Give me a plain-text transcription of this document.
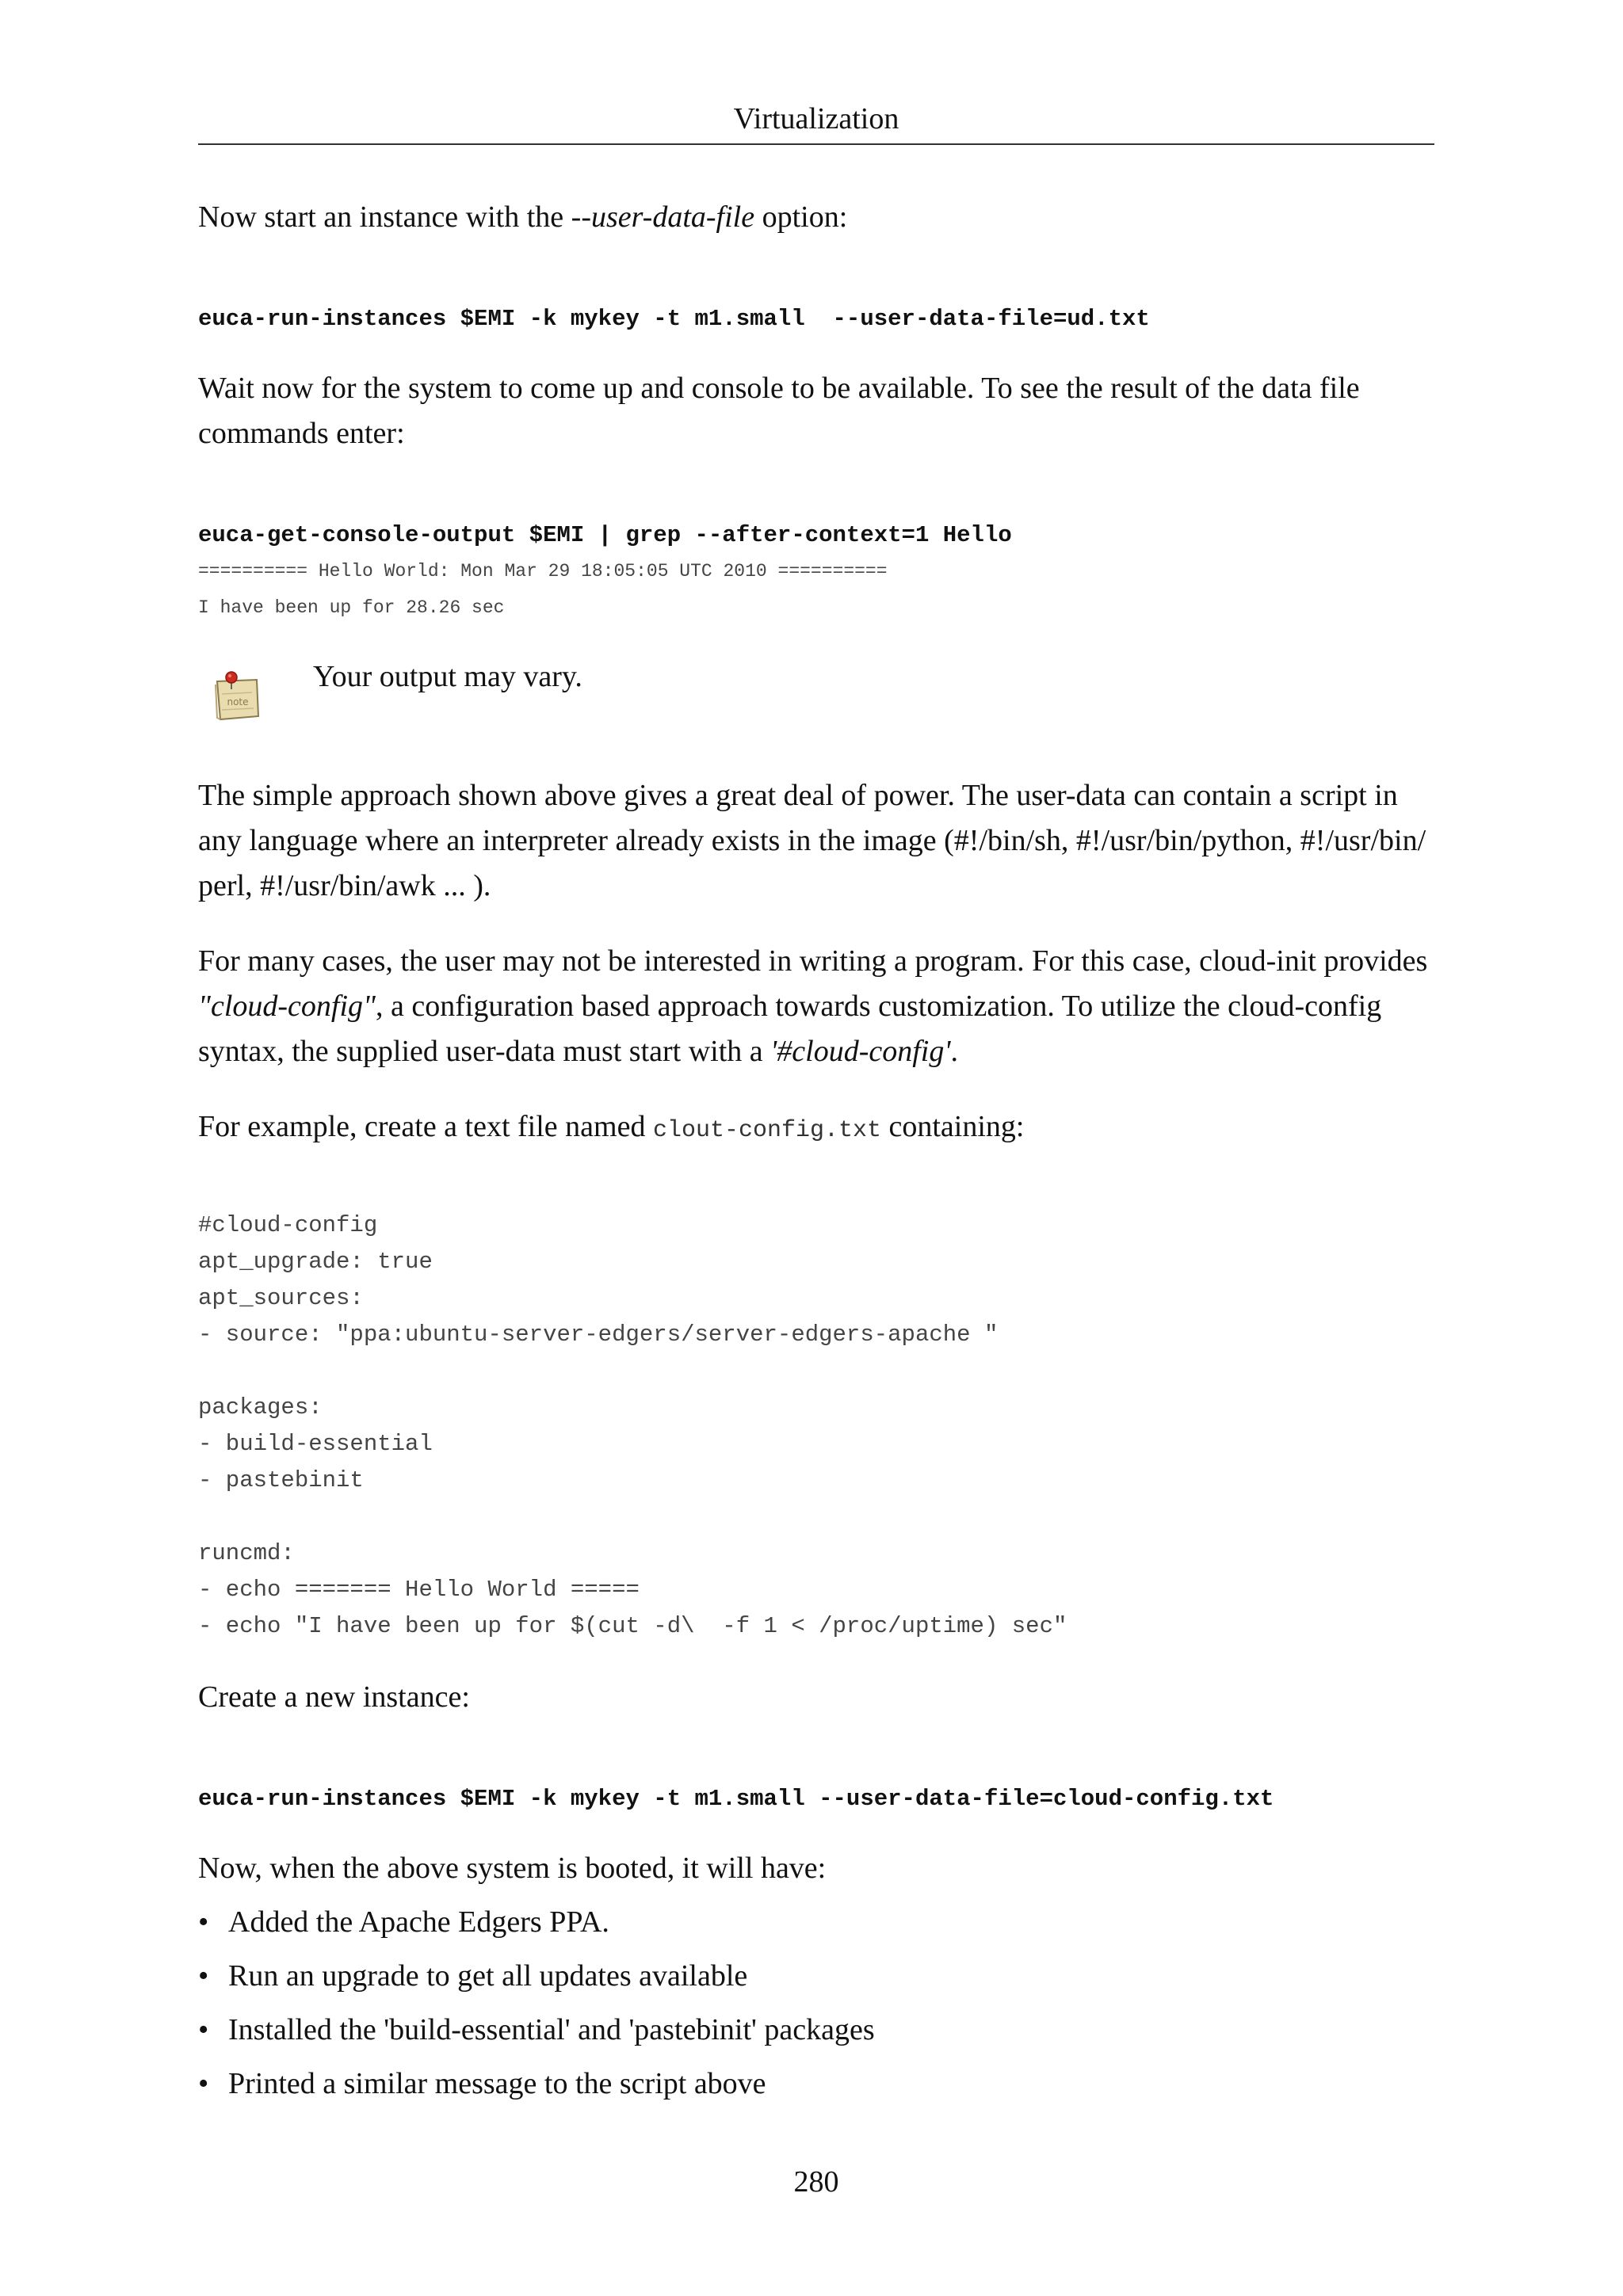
Virtualization

Now start an instance with the --user-data-file option:

euca-run-instances $EMI -k mykey -t m1.small  --user-data-file=ud.txt

Wait now for the system to come up and console to be available. To see the result of the data file
commands enter:

euca-get-console-output $EMI | grep --after-context=1 Hello
========== Hello World: Mon Mar 29 18:05:05 UTC 2010 ==========
I have been up for 28.26 sec
note
Your output may vary.

The simple approach shown above gives a great deal of power. The user-data can contain a script in
any language where an interpreter already exists in the image (#!/bin/sh, #!/usr/bin/python, #!/usr/bin/
perl, #!/usr/bin/awk ... ).

For many cases, the user may not be interested in writing a program. For this case, cloud-init provides
"cloud-config", a configuration based approach towards customization. To utilize the cloud-config
syntax, the supplied user-data must start with a '#cloud-config'.

For example, create a text file named clout-config.txt containing:

#cloud-config
apt_upgrade: true
apt_sources:
- source: "ppa:ubuntu-server-edgers/server-edgers-apache "
packages:
- build-essential
- pastebinit
runcmd:
- echo ======= Hello World =====
- echo "I have been up for $(cut -d\  -f 1 < /proc/uptime) sec"

Create a new instance:

euca-run-instances $EMI -k mykey -t m1.small --user-data-file=cloud-config.txt

Now, when the above system is booted, it will have:

• Added the Apache Edgers PPA.
• Run an upgrade to get all updates available
• Installed the 'build-essential' and 'pastebinit' packages
• Printed a similar message to the script above
280
